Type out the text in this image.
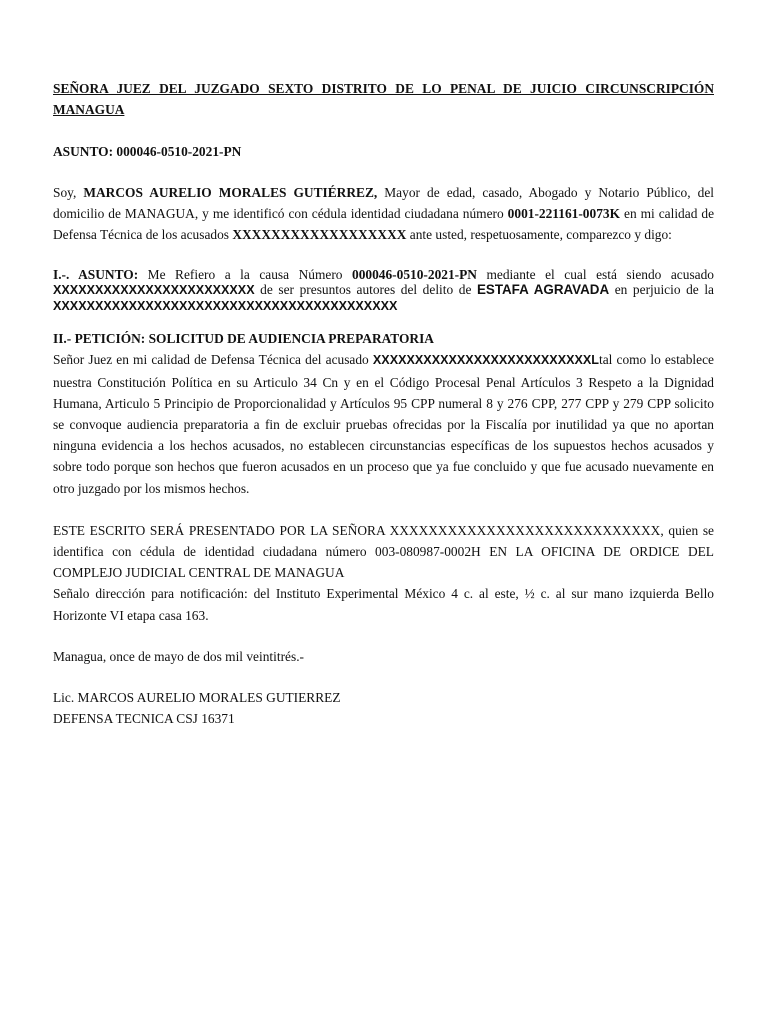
SEÑORA JUEZ DEL JUZGADO SEXTO DISTRITO DE LO PENAL DE JUICIO CIRCUNSCRIPCIÓN MANAGUA

ASUNTO: 000046-0510-2021-PN

Soy, MARCOS AURELIO MORALES GUTIÉRREZ, Mayor de edad, casado, Abogado y Notario Público, del domicilio de MANAGUA, y me identificó con cédula identidad ciudadana número 0001-221161-0073K en mi calidad de Defensa Técnica de los acusados XXXXXXXXXXXXXXXXXX ante usted, respetuosamente, comparezco y digo:

I.-. ASUNTO: Me Refiero a la causa Número 000046-0510-2021-PN mediante el cual está siendo acusado XXXXXXXXXXXXXXXXXXXXXXXX de ser presuntos autores del delito de ESTAFA AGRAVADA en perjuicio de la XXXXXXXXXXXXXXXXXXXXXXXXXXXXXXXXXXXXXXXXX

II.- PETICIÓN: SOLICITUD DE AUDIENCIA PREPARATORIA

Señor Juez en mi calidad de Defensa Técnica del acusado XXXXXXXXXXXXXXXXXXXXXXXXXXLtal como lo establece nuestra Constitución Política en su Articulo 34 Cn y en el Código Procesal Penal Artículos 3 Respeto a la Dignidad Humana, Articulo 5 Principio de Proporcionalidad y Artículos 95 CPP numeral 8 y 276 CPP, 277 CPP y 279 CPP solicito se convoque audiencia preparatoria a fin de excluir pruebas ofrecidas por la Fiscalía por inutilidad ya que no aportan ninguna evidencia a los hechos acusados, no establecen circunstancias específicas de los supuestos hechos acusados y sobre todo porque son hechos que fueron acusados en un proceso que ya fue concluido y que fue acusado nuevamente en otro juzgado por los mismos hechos.

ESTE ESCRITO SERÁ PRESENTADO POR LA SEÑORA XXXXXXXXXXXXXXXXXXXXXXXXXXXX, quien se identifica con cédula de identidad ciudadana número 003-080987-0002H EN LA OFICINA DE ORDICE DEL COMPLEJO JUDICIAL CENTRAL DE MANAGUA

Señalo dirección para notificación: del Instituto Experimental México 4 c. al este, ½ c. al sur mano izquierda Bello Horizonte VI etapa casa 163.

Managua, once de mayo de dos mil veintitrés.-

Lic. MARCOS AURELIO MORALES GUTIERREZ

DEFENSA TECNICA CSJ 16371
